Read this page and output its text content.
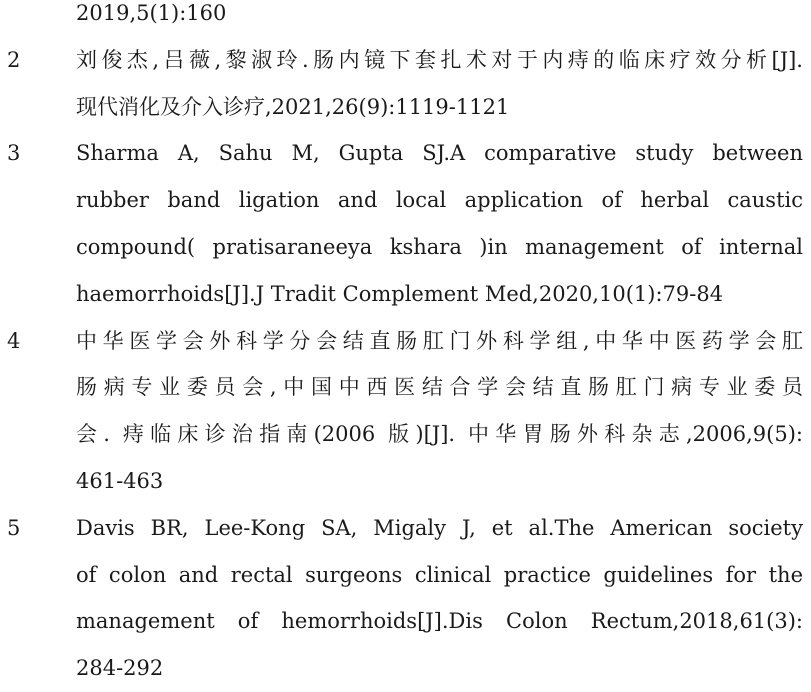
2019,5(1):160
2	刘俊杰,吕薇,黎淑玲.肠内镜下套扎术对于内痔的临床疗效分析[J].
现代消化及介入诊疗,2021,26(9):1119-1121
3	Sharma A, Sahu M, Gupta SJ.A comparative study between
rubber band ligation and local application of herbal caustic
compound( pratisaraneeya kshara )in management of internal
haemorrhoids[J].J Tradit Complement Med,2020,10(1):79-84
4	中华医学会外科学分会结直肠肛门外科学组,中华中医药学会肛
肠病专业委员会,中国中西医结合学会结直肠肛门病专业委员
会. 痔临床诊治指南(2006 版)[J]. 中华胃肠外科杂志,2006,9(5):
461-463
5	Davis BR, Lee-Kong SA, Migaly J, et al.The American society
of colon and rectal surgeons clinical practice guidelines for the
management of hemorrhoids[J].Dis Colon Rectum,2018,61(3):
284-292
